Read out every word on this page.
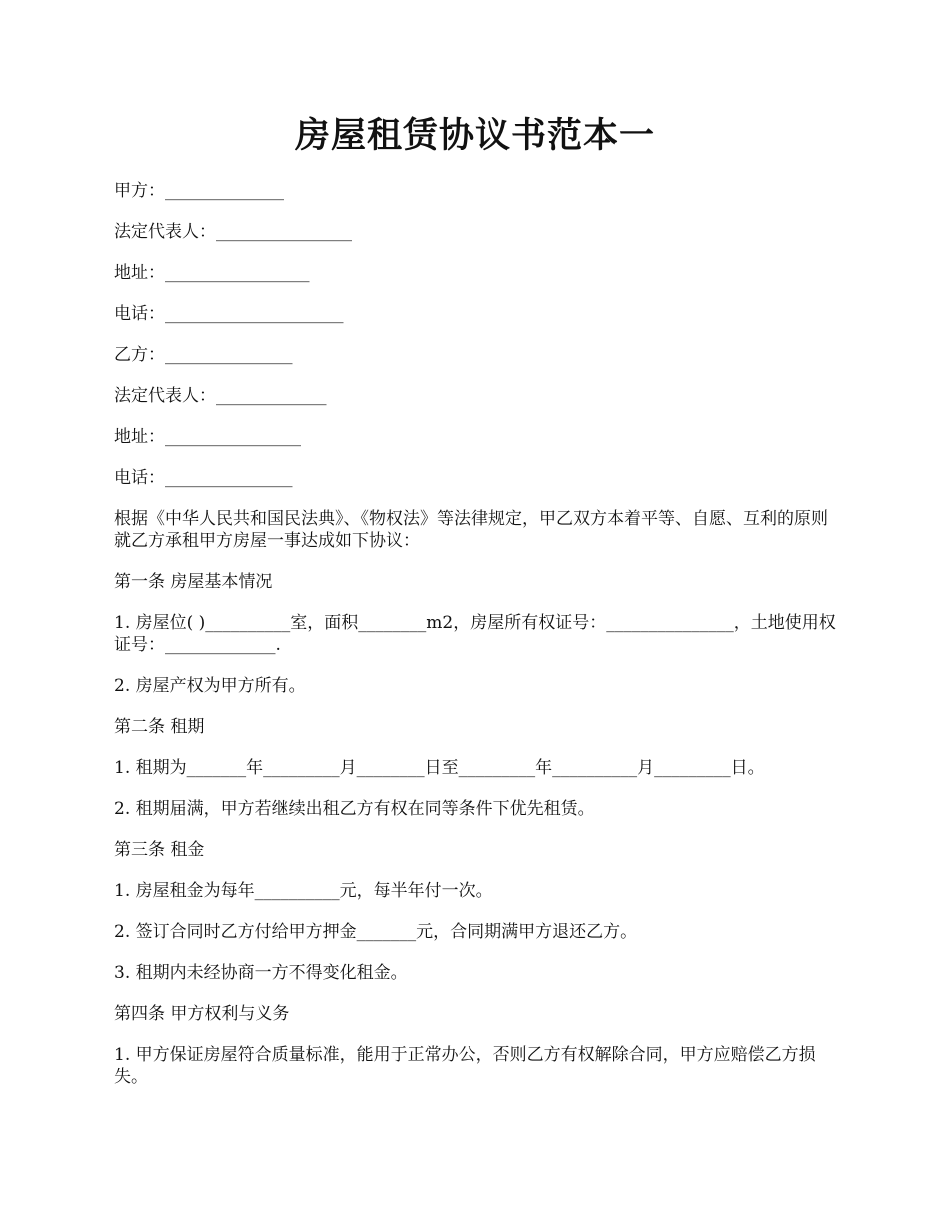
房屋租赁协议书范本一
甲方：______________
法定代表人：________________
地址：_________________
电话：_____________________
乙方：_______________
法定代表人：_____________
地址：________________
电话：_______________

根据《中华人民共和国民法典》、《物权法》等法律规定，甲乙双方本着平等、自愿、互利的原则就乙方承租甲方房屋一事达成如下协议：

第一条 房屋基本情况

1. 房屋位( )__________室，面积________m2，房屋所有权证号：_______________，土地使用权证号：_____________.

2. 房屋产权为甲方所有。

第二条 租期

1. 租期为_______年_________月________日至_________年__________月_________日。

2. 租期届满，甲方若继续出租乙方有权在同等条件下优先租赁。

第三条 租金

1. 房屋租金为每年__________元，每半年付一次。

2. 签订合同时乙方付给甲方押金_______元，合同期满甲方退还乙方。

3. 租期内未经协商一方不得变化租金。

第四条 甲方权利与义务

1. 甲方保证房屋符合质量标准，能用于正常办公，否则乙方有权解除合同，甲方应赔偿乙方损失。
